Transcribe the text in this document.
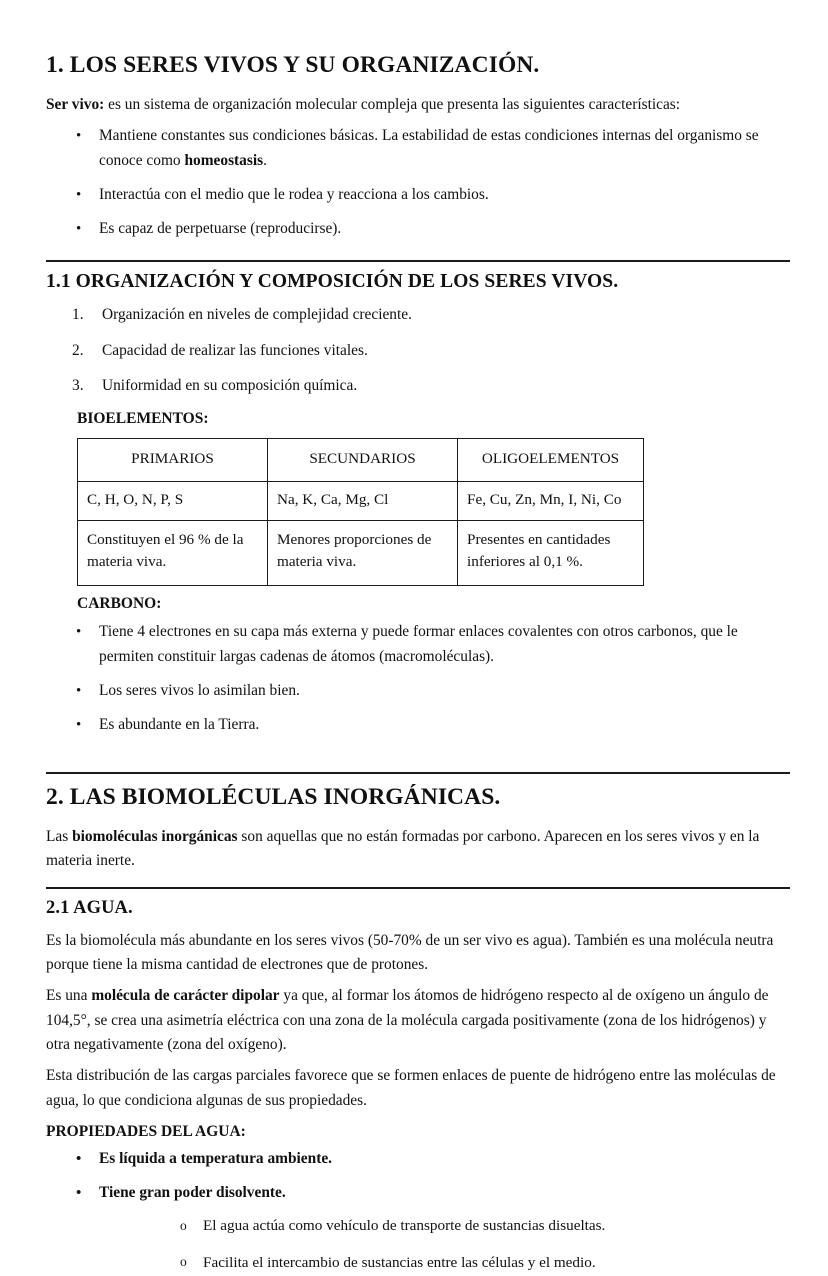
1. LOS SERES VIVOS Y SU ORGANIZACIÓN.

Ser vivo: es un sistema de organización molecular compleja que presenta las siguientes características:

• Mantiene constantes sus condiciones básicas. La estabilidad de estas condiciones internas del organismo se conoce como homeostasis.
• Interactúa con el medio que le rodea y reacciona a los cambios.
• Es capaz de perpetuarse (reproducirse).
1.1 ORGANIZACIÓN Y COMPOSICIÓN DE LOS SERES VIVOS.
1. Organización en niveles de complejidad creciente.
2. Capacidad de realizar las funciones vitales.
3. Uniformidad en su composición química.
BIOELEMENTOS:
PRIMARIOS	SECUNDARIOS	OLIGOELEMENTOS
C, H, O, N, P, S	Na, K, Ca, Mg, Cl	Fe, Cu, Zn, Mn, I, Ni, Co
Constituyen el 96 % de la materia viva.	Menores proporciones de materia viva.	Presentes en cantidades inferiores al 0,1 %.
CARBONO:
• Tiene 4 electrones en su capa más externa y puede formar enlaces covalentes con otros carbonos, que le permiten constituir largas cadenas de átomos (macromoléculas).
• Los seres vivos lo asimilan bien.
• Es abundante en la Tierra.
2. LAS BIOMOLÉCULAS INORGÁNICAS.

Las biomoléculas inorgánicas son aquellas que no están formadas por carbono. Aparecen en los seres vivos y en la materia inerte.

2.1 AGUA.

Es la biomolécula más abundante en los seres vivos (50-70% de un ser vivo es agua). También es una molécula neutra porque tiene la misma cantidad de electrones que de protones.

Es una molécula de carácter dipolar ya que, al formar los átomos de hidrógeno respecto al de oxígeno un ángulo de 104,5°, se crea una asimetría eléctrica con una zona de la molécula cargada positivamente (zona de los hidrógenos) y otra negativamente (zona del oxígeno).

Esta distribución de las cargas parciales favorece que se formen enlaces de puente de hidrógeno entre las moléculas de agua, lo que condiciona algunas de sus propiedades.

PROPIEDADES DEL AGUA:
• Es líquida a temperatura ambiente.
• Tiene gran poder disolvente.
o El agua actúa como vehículo de transporte de sustancias disueltas.
o Facilita el intercambio de sustancias entre las células y el medio.
